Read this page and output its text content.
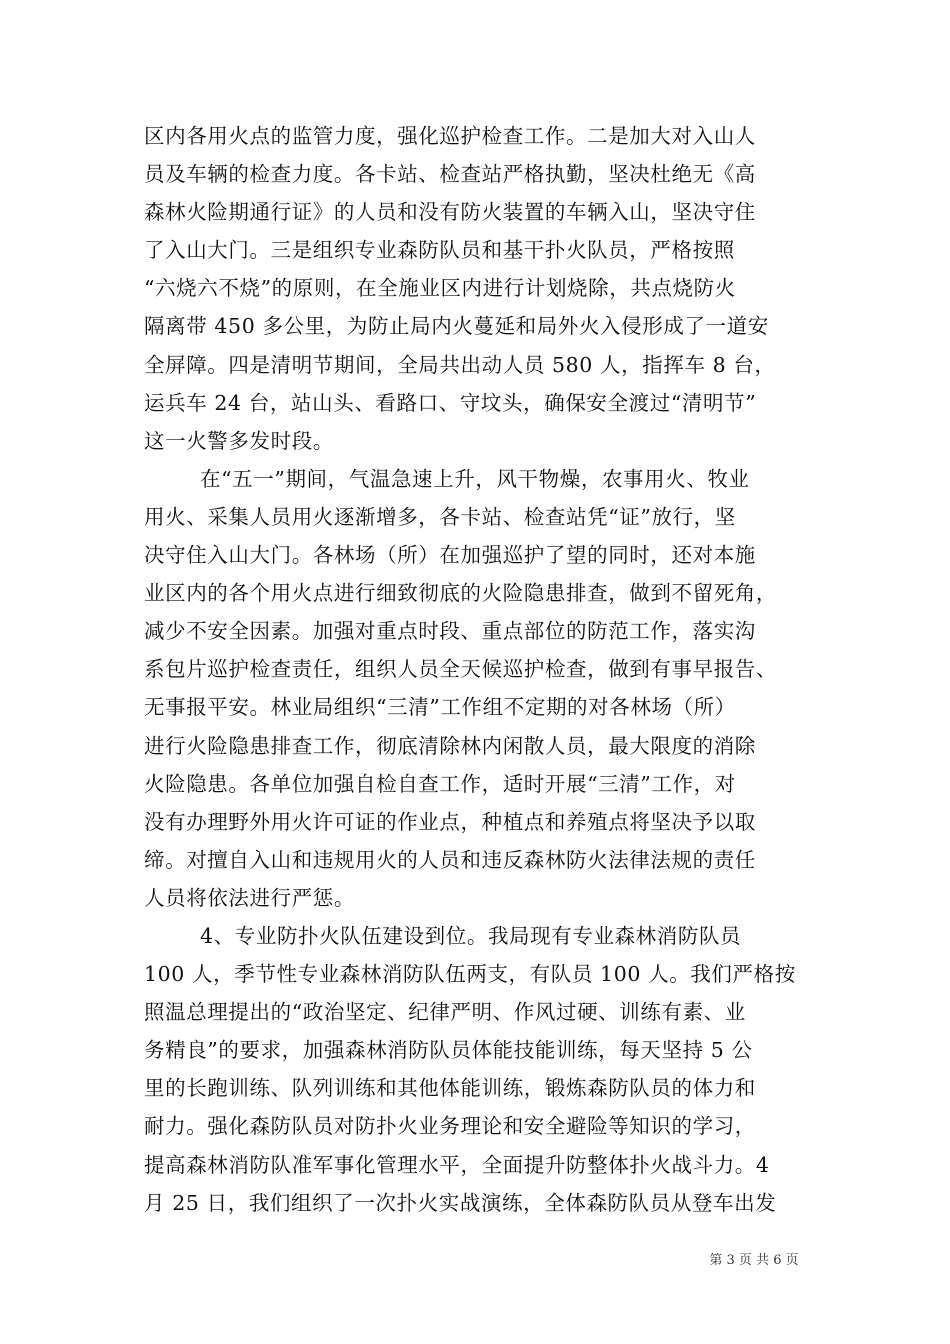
区内各用火点的监管力度，强化巡护检查工作。二是加大对入山人
员及车辆的检查力度。各卡站、检查站严格执勤，坚决杜绝无《高
森林火险期通行证》的人员和没有防火装置的车辆入山，坚决守住
了入山大门。三是组织专业森防队员和基干扑火队员，严格按照
“六烧六不烧”的原则，在全施业区内进行计划烧除，共点烧防火
隔离带 450 多公里，为防止局内火蔓延和局外火入侵形成了一道安
全屏障。四是清明节期间，全局共出动人员 580 人，指挥车 8 台，
运兵车 24 台，站山头、看路口、守坟头，确保安全渡过“清明节”
这一火警多发时段。
在“五一”期间，气温急速上升，风干物燥，农事用火、牧业
用火、采集人员用火逐渐增多，各卡站、检查站凭“证”放行，坚
决守住入山大门。各林场（所）在加强巡护了望的同时，还对本施
业区内的各个用火点进行细致彻底的火险隐患排查，做到不留死角，
减少不安全因素。加强对重点时段、重点部位的防范工作，落实沟
系包片巡护检查责任，组织人员全天候巡护检查，做到有事早报告、
无事报平安。林业局组织“三清”工作组不定期的对各林场（所）
进行火险隐患排查工作，彻底清除林内闲散人员，最大限度的消除
火险隐患。各单位加强自检自查工作，适时开展“三清”工作，对
没有办理野外用火许可证的作业点，种植点和养殖点将坚决予以取
缔。对擅自入山和违规用火的人员和违反森林防火法律法规的责任
人员将依法进行严惩。
4、专业防扑火队伍建设到位。我局现有专业森林消防队员
100 人，季节性专业森林消防队伍两支，有队员 100 人。我们严格按
照温总理提出的“政治坚定、纪律严明、作风过硬、训练有素、业
务精良”的要求，加强森林消防队员体能技能训练，每天坚持 5 公
里的长跑训练、队列训练和其他体能训练，锻炼森防队员的体力和
耐力。强化森防队员对防扑火业务理论和安全避险等知识的学习，
提高森林消防队准军事化管理水平，全面提升防整体扑火战斗力。4
月 25 日，我们组织了一次扑火实战演练，全体森防队员从登车出发
第 3 页 共 6 页
